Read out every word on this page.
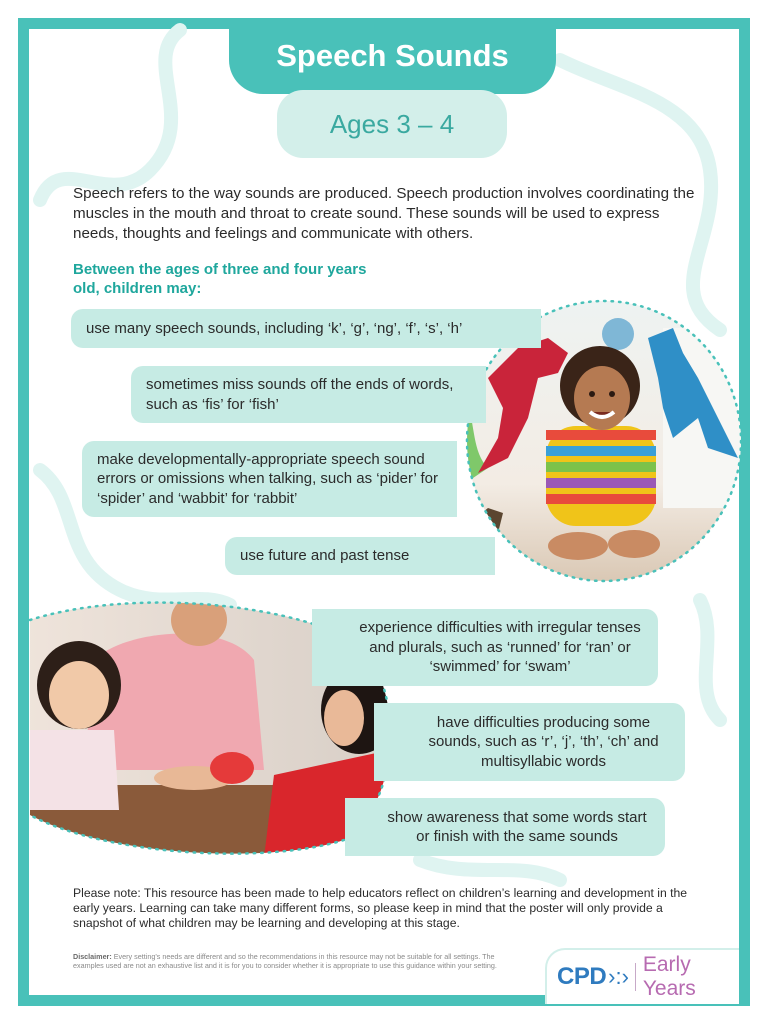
Speech Sounds
Ages 3 – 4
Speech refers to the way sounds are produced. Speech production involves coordinating the muscles in the mouth and throat to create sound. These sounds will be used to express needs, thoughts and feelings and communicate with others.
Between the ages of three and four years old, children may:
use many speech sounds, including ‘k’, ‘g’, ‘ng’, ‘f’, ‘s’, ‘h’
sometimes miss sounds off the ends of words, such as ‘fis’ for ‘fish’
make developmentally-appropriate speech sound errors or omissions when talking, such as ‘pider’ for ‘spider’ and ‘wabbit’ for ‘rabbit’
use future and past tense
experience difficulties with irregular tenses and plurals, such as ‘runned’ for ‘ran’ or ‘swimmed’ for ‘swam’
have difficulties producing some sounds, such as ‘r’, ‘j’, ‘th’, ‘ch’ and multisyllabic words
show awareness that some words start or finish with the same sounds
Please note: This resource has been made to help educators reflect on children’s learning and development in the early years. Learning can take many different forms, so please keep in mind that the poster will only provide a snapshot of what children may be learning and developing at this stage.
Disclaimer: Every setting’s needs are different and so the recommendations in this resource may not be suitable for all settings. The examples used are not an exhaustive list and it is for you to consider whether it is appropriate to use this guidance within your setting.	CPD ›:› Early Years
